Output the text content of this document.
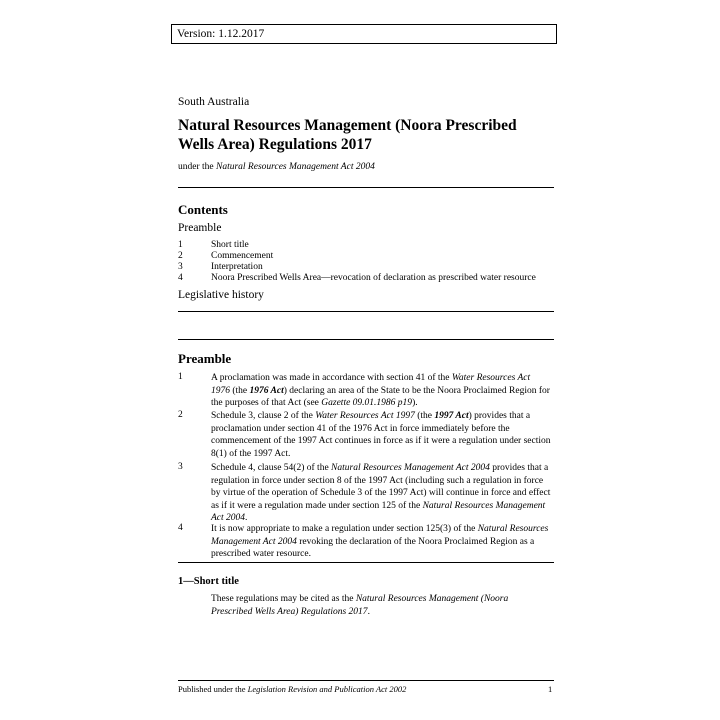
Version: 1.12.2017
South Australia
Natural Resources Management (Noora Prescribed
Wells Area) Regulations 2017
under the Natural Resources Management Act 2004
Contents
Preamble
1	Short title
2	Commencement
3	Interpretation
4	Noora Prescribed Wells Area—revocation of declaration as prescribed water resource
Legislative history
Preamble
1	A proclamation was made in accordance with section 41 of the Water Resources Act 1976 (the 1976 Act) declaring an area of the State to be the Noora Proclaimed Region for the purposes of that Act (see Gazette 09.01.1986 p19).
2	Schedule 3, clause 2 of the Water Resources Act 1997 (the 1997 Act) provides that a proclamation under section 41 of the 1976 Act in force immediately before the commencement of the 1997 Act continues in force as if it were a regulation under section 8(1) of the 1997 Act.
3	Schedule 4, clause 54(2) of the Natural Resources Management Act 2004 provides that a regulation in force under section 8 of the 1997 Act (including such a regulation in force by virtue of the operation of Schedule 3 of the 1997 Act) will continue in force and effect as if it were a regulation made under section 125 of the Natural Resources Management Act 2004.
4	It is now appropriate to make a regulation under section 125(3) of the Natural Resources Management Act 2004 revoking the declaration of the Noora Proclaimed Region as a prescribed water resource.
1—Short title
These regulations may be cited as the Natural Resources Management (Noora Prescribed Wells Area) Regulations 2017.
Published under the Legislation Revision and Publication Act 2002	1
